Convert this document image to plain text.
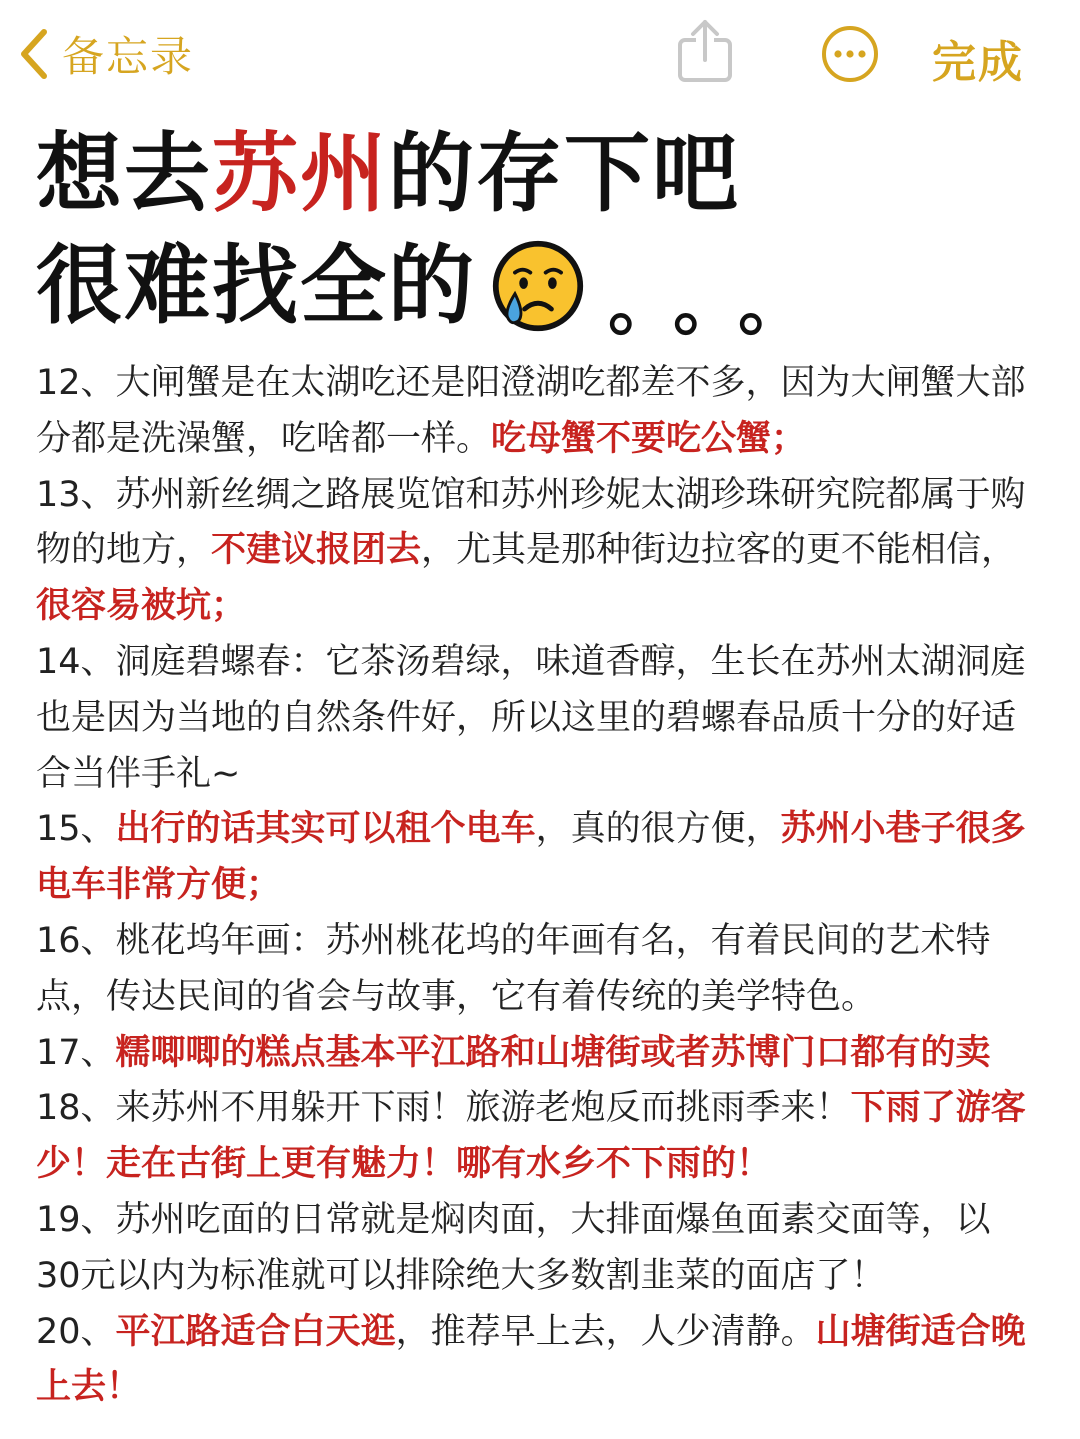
备忘录	完成
想去 苏州 的存下吧
很难找全的 。。。

12、大闸蟹是在太湖吃还是阳澄湖吃都差不多，因为大闸蟹大部分都是洗澡蟹，吃啥都一样。吃母蟹不要吃公蟹；

13、苏州新丝绸之路展览馆和苏州珍妮太湖珍珠研究院都属于购物的地方，不建议报团去，尤其是那种街边拉客的更不能相信，很容易被坑；

14、洞庭碧螺春：它茶汤碧绿，味道香醇，生长在苏州太湖洞庭也是因为当地的自然条件好，所以这里的碧螺春品质十分的好适合当伴手礼~

15、出行的话其实可以租个电车，真的很方便，苏州小巷子很多电车非常方便；

16、桃花坞年画：苏州桃花坞的年画有名，有着民间的艺术特点，传达民间的省会与故事，它有着传统的美学特色。

17、糯唧唧的糕点基本平江路和山塘街或者苏博门口都有的卖

18、来苏州不用躲开下雨！旅游老炮反而挑雨季来！下雨了游客少！走在古街上更有魅力！哪有水乡不下雨的！

19、苏州吃面的日常就是焖肉面，大排面爆鱼面素交面等，以30元以内为标准就可以排除绝大多数割韭菜的面店了！

20、平江路适合白天逛，推荐早上去，人少清静。山塘街适合晚上去！
